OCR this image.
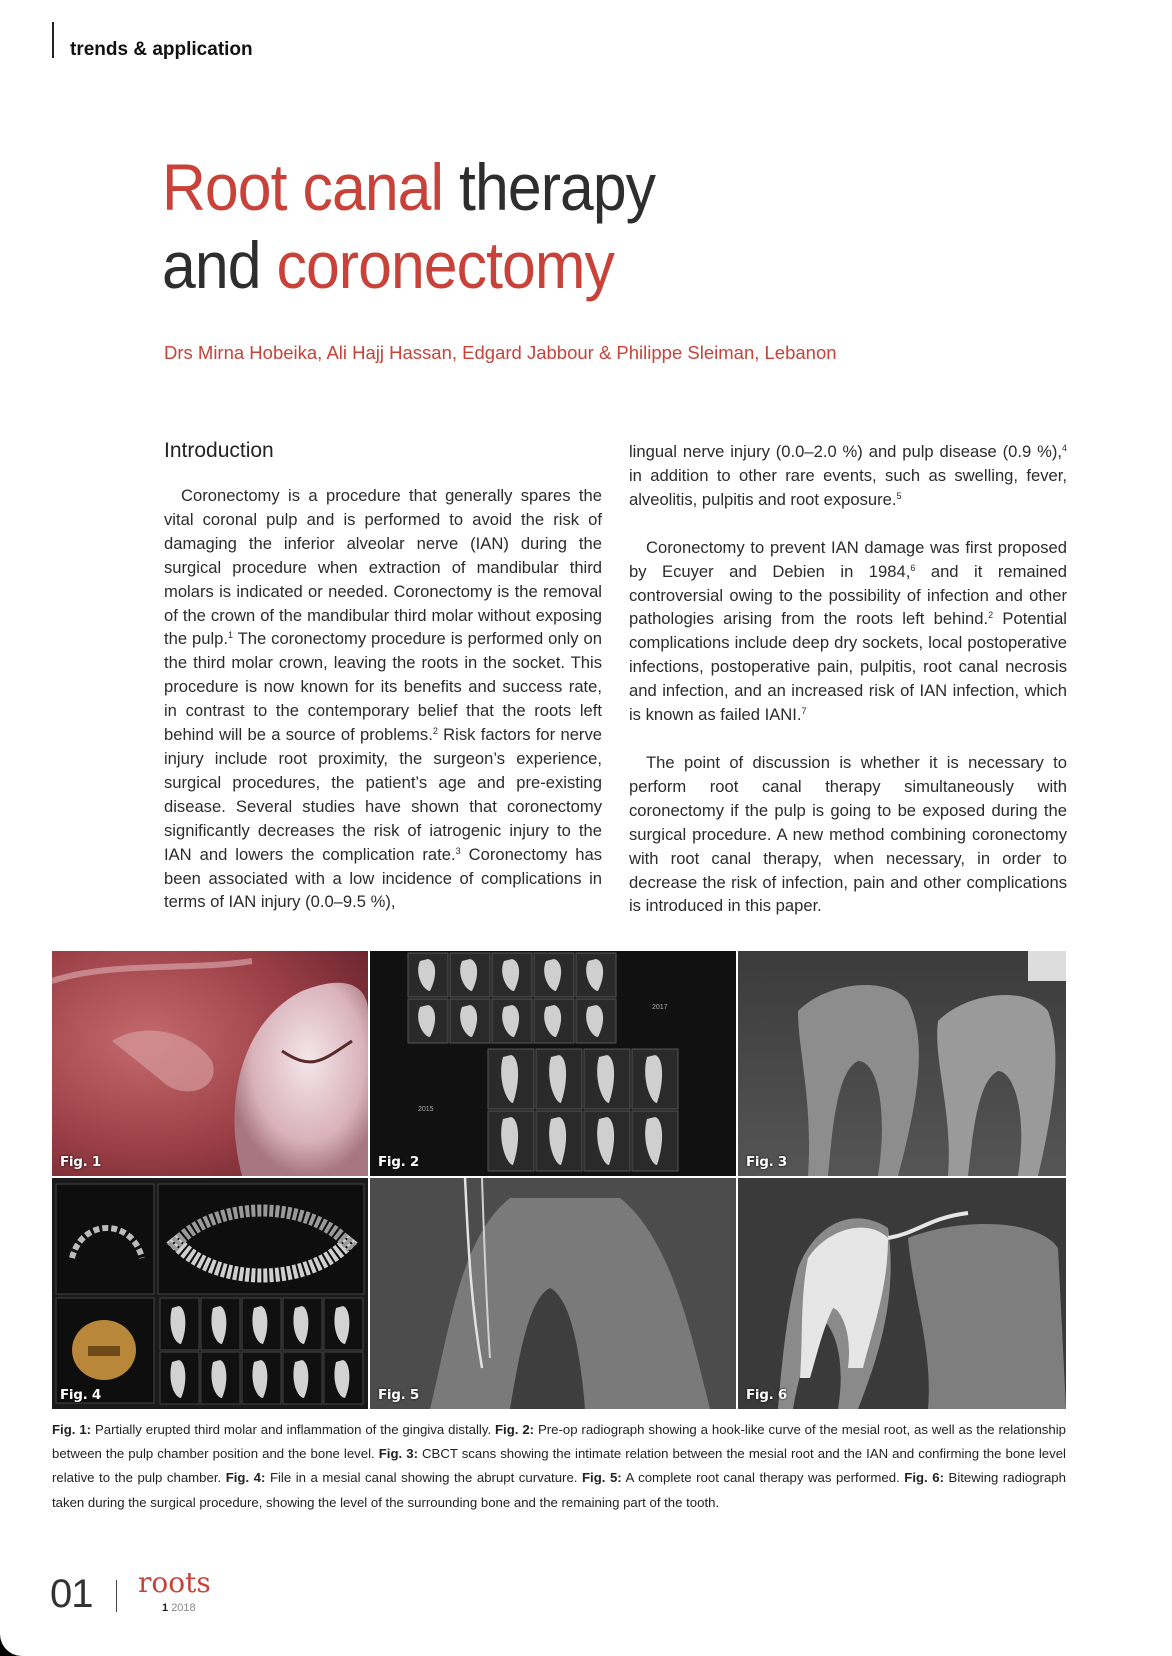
trends & application
Root canal therapy
and coronectomy
Drs Mirna Hobeika, Ali Hajj Hassan, Edgard Jabbour & Philippe Sleiman, Lebanon
Introduction

Coronectomy is a procedure that generally spares the vital coronal pulp and is performed to avoid the risk of damaging the inferior alveolar nerve (IAN) during the surgical procedure when extraction of mandibular third molars is indicated or needed. Coronectomy is the removal of the crown of the mandibular third molar without exposing the pulp.$^1$ The coronectomy procedure is performed only on the third molar crown, leaving the roots in the socket. This procedure is now known for its benefits and success rate, in contrast to the contemporary belief that the roots left behind will be a source of problems.$^2$ Risk factors for nerve injury include root proximity, the surgeon’s experience, surgical procedures, the patient’s age and pre-existing disease. Several studies have shown that coronectomy significantly decreases the risk of iatrogenic injury to the IAN and lowers the complication rate.$^3$ Coronectomy has been associated with a low incidence of complications in terms of IAN injury (0.0–9.5 %),

lingual nerve injury (0.0–2.0 %) and pulp disease (0.9 %),$^4$ in addition to other rare events, such as swelling, fever, alveolitis, pulpitis and root exposure.$^5$

Coronectomy to prevent IAN damage was first proposed by Ecuyer and Debien in 1984,$^6$ and it remained controversial owing to the possibility of infection and other pathologies arising from the roots left behind.$^2$ Potential complications include deep dry sockets, local postoperative infections, postoperative pain, pulpitis, root canal necrosis and infection, and an increased risk of IAN infection, which is known as failed IANI.$^7$

The point of discussion is whether it is necessary to perform root canal therapy simultaneously with coronectomy if the pulp is going to be exposed during the surgical procedure. A new method combining coronectomy with root canal therapy, when necessary, in order to decrease the risk of infection, pain and other complications is introduced in this paper.

Fig. 1
2017
2015
Fig. 2	Fig. 3
Fig. 4	Fig. 5	Fig. 6
Fig. 1: Partially erupted third molar and inflammation of the gingiva distally. Fig. 2: Pre-op radiograph showing a hook-like curve of the mesial root, as well as the relationship between the pulp chamber position and the bone level. Fig. 3: CBCT scans showing the intimate relation between the mesial root and the IAN and confirming the bone level relative to the pulp chamber. Fig. 4: File in a mesial canal showing the abrupt curvature. Fig. 5: A complete root canal therapy was performed. Fig. 6: Bitewing radiograph taken during the surgical procedure, showing the level of the surrounding bone and the remaining part of the tooth.
01 roots
1 2018
